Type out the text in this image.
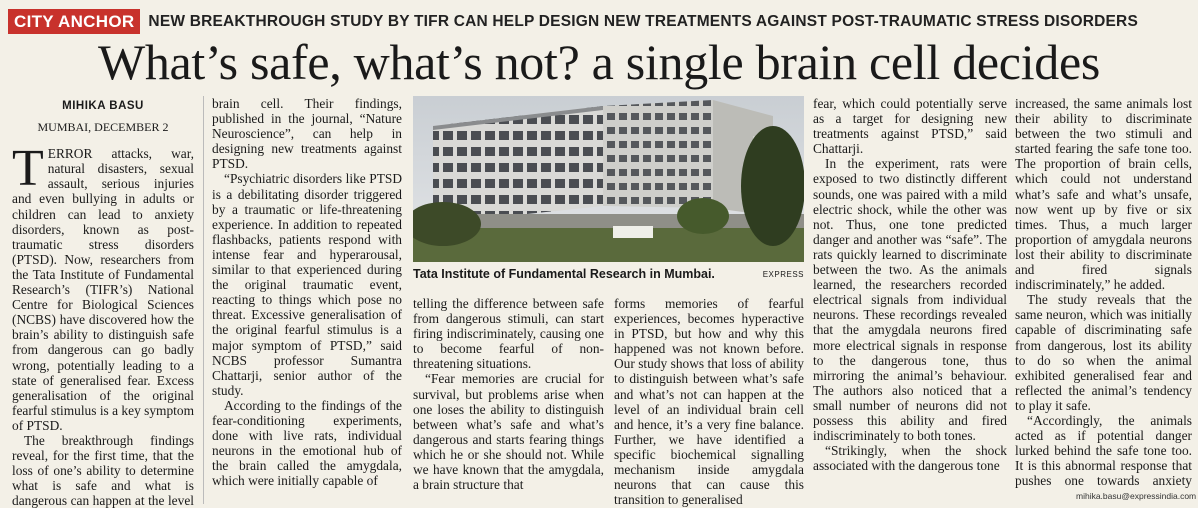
CITY ANCHOR NEW BREAKTHROUGH STUDY BY TIFR CAN HELP DESIGN NEW TREATMENTS AGAINST POST-TRAUMATIC STRESS DISORDERS
What’s safe, what’s not? a single brain cell decides
MIHIKA BASU
MUMBAI, DECEMBER 2

TERROR attacks, war, natural disasters, sexual assault, serious injuries and even bullying in adults or children can lead to anxiety disorders, known as post-traumatic stress disorders (PTSD). Now, researchers from the Tata Institute of Fundamental Research’s (TIFR’s) National Centre for Biological Sciences (NCBS) have discovered how the brain’s ability to distinguish safe from dangerous can go badly wrong, potentially leading to a state of generalised fear. Excess generalisation of the original fearful stimulus is a key symptom of PTSD.

The breakthrough findings reveal, for the first time, that the loss of one’s ability to determine what is safe and what is dangerous can happen at the level

brain cell. Their findings, published in the journal, “Nature Neuroscience”, can help in designing new treatments against PTSD.

“Psychiatric disorders like PTSD is a debilitating disorder triggered by a traumatic or life-threatening experience. In addition to repeated flashbacks, patients respond with intense fear and hyperarousal, similar to that experienced during the original traumatic event, reacting to things which pose no threat. Excessive generalisation of the original fearful stimulus is a major symptom of PTSD,” said NCBS professor Sumantra Chattarji, senior author of the study.

According to the findings of the fear-conditioning experiments, done with live rats, individual neurons in the emotional hub of the brain called the amygdala, which were initially capable of

Tata Institute of Fundamental Research in Mumbai.	EXPRESS

telling the difference between safe from dangerous stimuli, can start firing indiscriminately, causing one to become fearful of non-threatening situations.

“Fear memories are crucial for survival, but problems arise when one loses the ability to distinguish between what’s safe and what’s dangerous and starts fearing things which he or she should not. While we have known that the amygdala, a brain structure that

forms memories of fearful experiences, becomes hyperactive in PTSD, but how and why this happened was not known before. Our study shows that loss of ability to distinguish between what’s safe and what’s not can happen at the level of an individual brain cell and hence, it’s a very fine balance. Further, we have identified a specific biochemical signalling mechanism inside amygdala neurons that can cause this transition to generalised

fear, which could potentially serve as a target for designing new treatments against PTSD,” said Chattarji.

In the experiment, rats were exposed to two distinctly different sounds, one was paired with a mild electric shock, while the other was not. Thus, one tone predicted danger and another was “safe”. The rats quickly learned to discriminate between the two. As the animals learned, the researchers recorded electrical signals from individual neurons. These recordings revealed that the amygdala neurons fired more electrical signals in response to the dangerous tone, thus mirroring the animal’s behaviour. The authors also noticed that a small number of neurons did not possess this ability and fired indiscriminately to both tones.

“Strikingly, when the shock associated with the dangerous tone

increased, the same animals lost their ability to discriminate between the two stimuli and started fearing the safe tone too. The proportion of brain cells, which could not understand what’s safe and what’s unsafe, now went up by five or six times. Thus, a much larger proportion of amygdala neurons lost their ability to discriminate and fired signals indiscriminately,” he added.

The study reveals that the same neuron, which was initially capable of discriminating safe from dangerous, lost its ability to do so when the animal exhibited generalised fear and reflected the animal’s tendency to play it safe.

“Accordingly, the animals acted as if potential danger lurked behind the safe tone too. It is this abnormal response that pushes one towards anxiety

mihika.basu@expressindia.com
